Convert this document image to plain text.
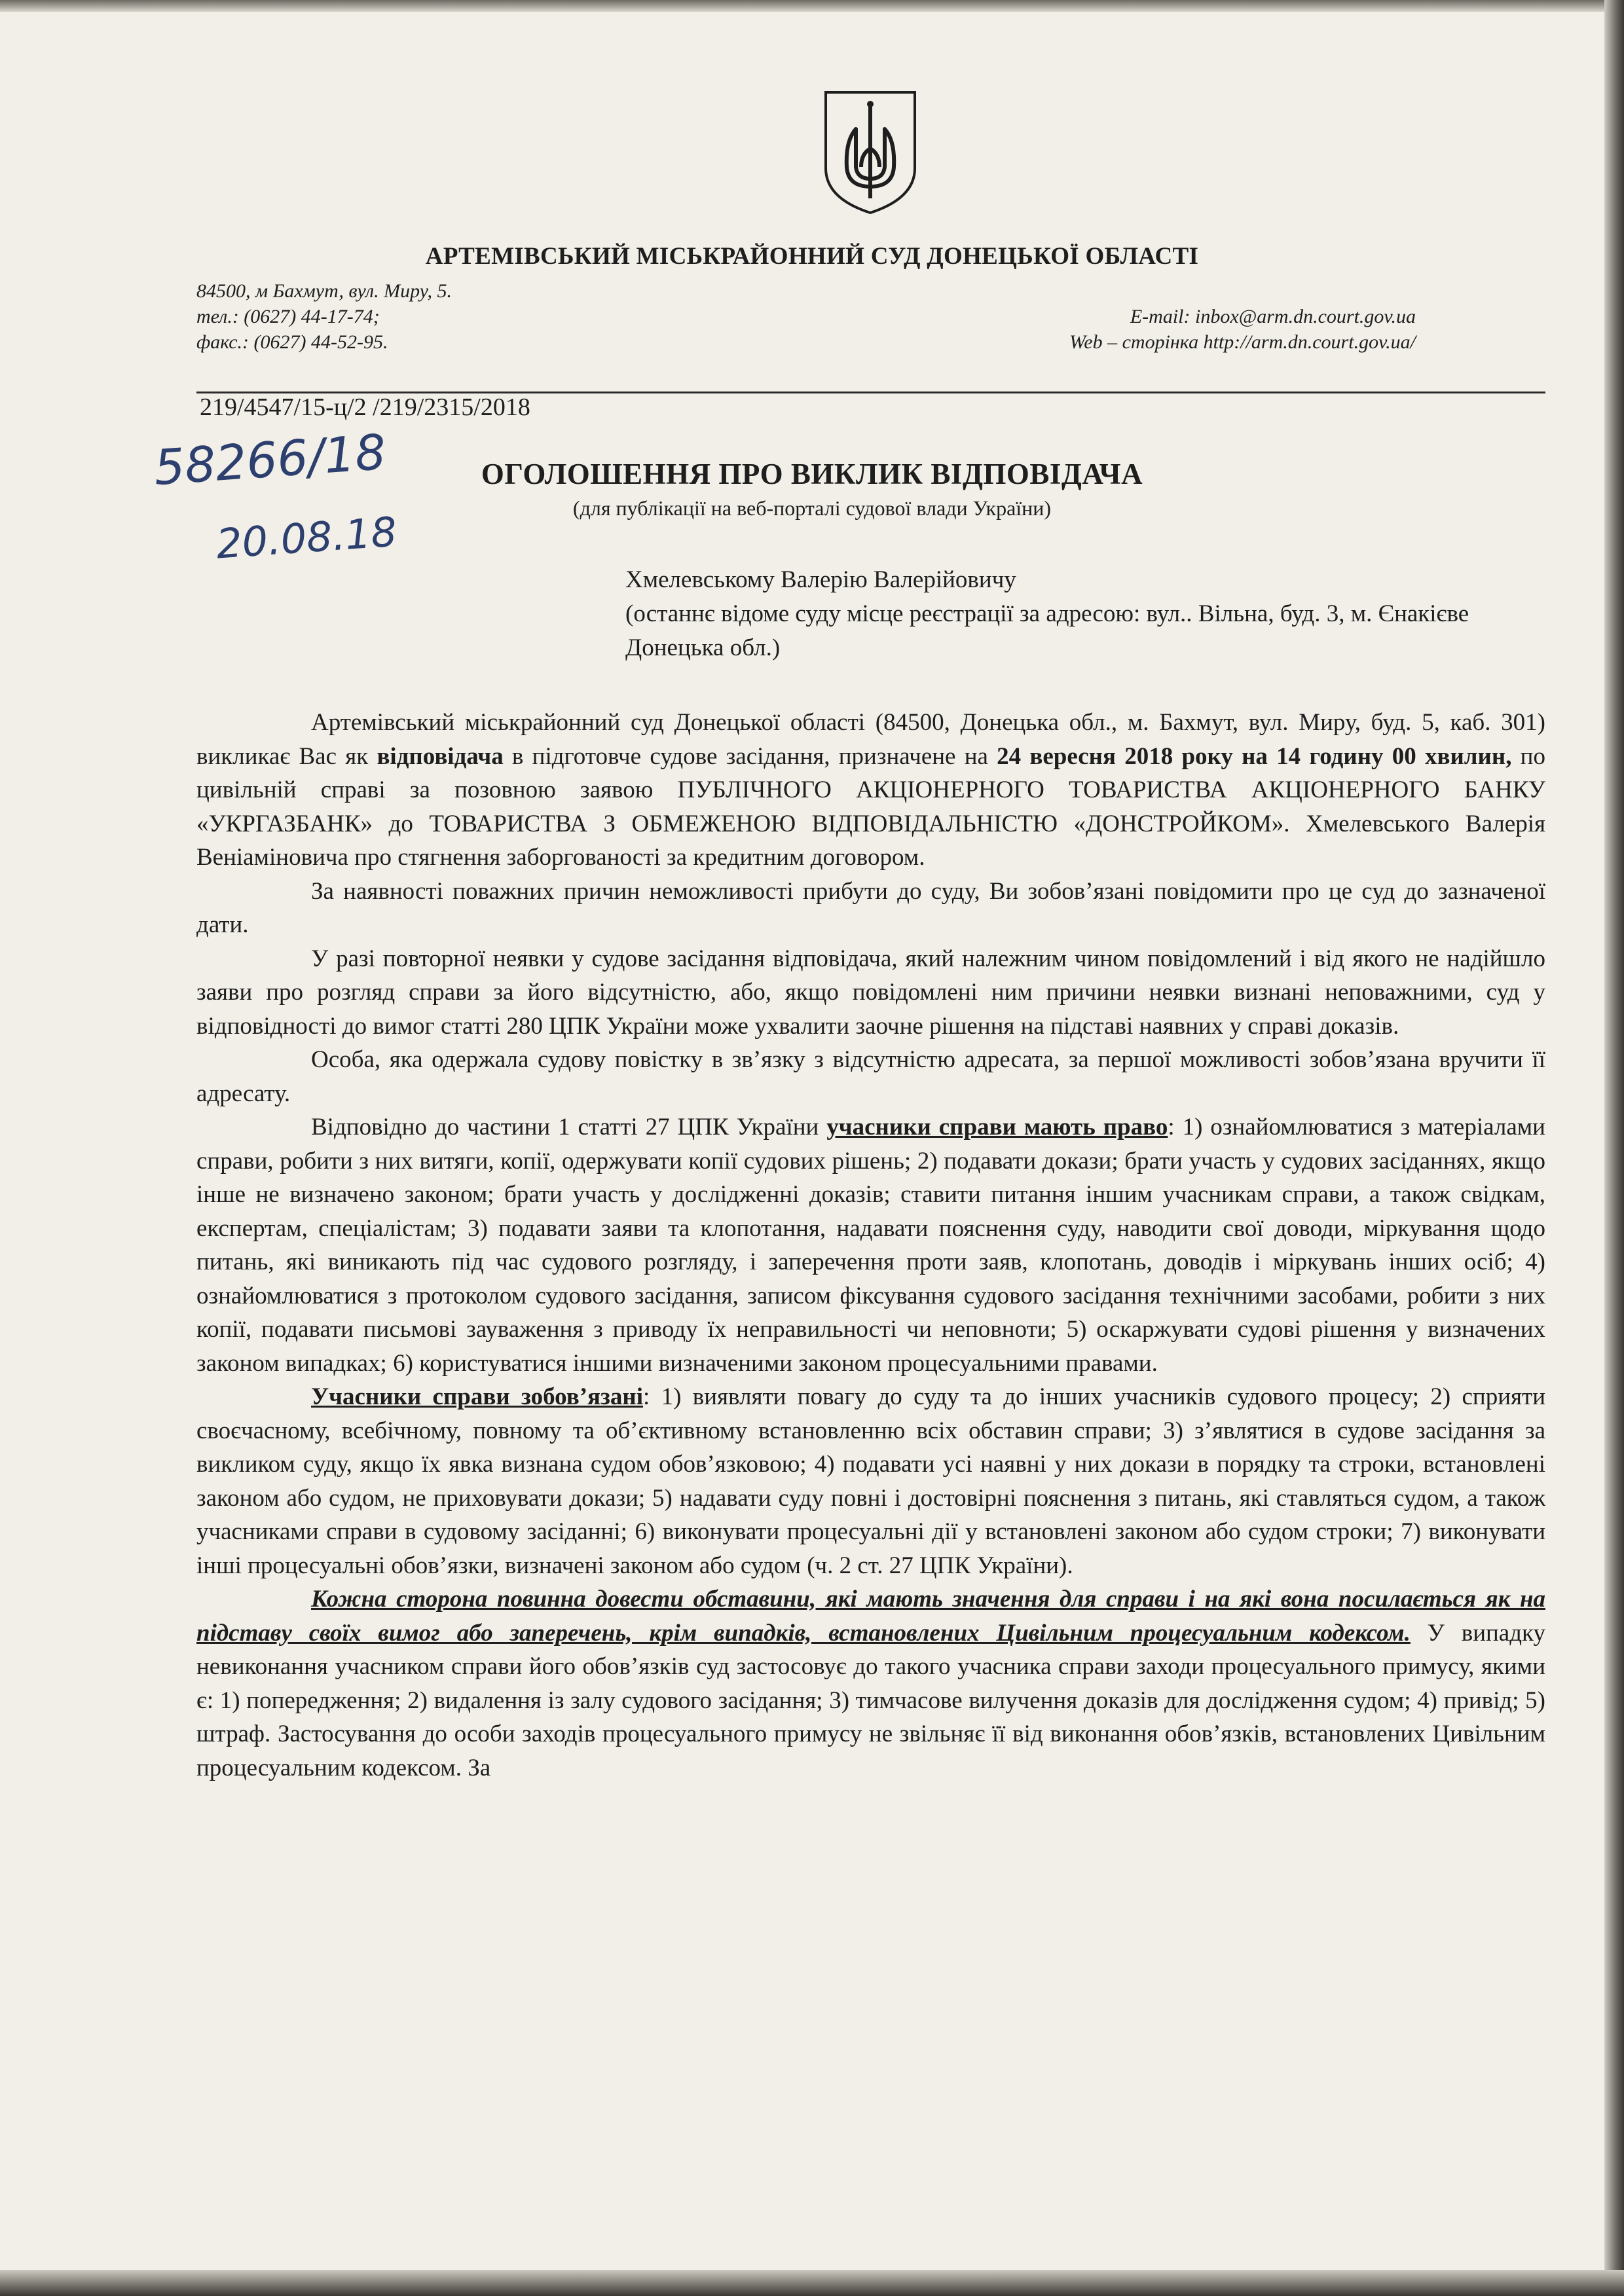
АРТЕМІВСЬКИЙ МІСЬКРАЙОННИЙ СУД ДОНЕЦЬКОЇ ОБЛАСТІ
84500, м Бахмут, вул. Миру, 5.
тел.: (0627) 44-17-74;
факс.: (0627) 44-52-95.
E-mail: inbox@arm.dn.court.gov.ua
Web – сторінка http://arm.dn.court.gov.ua/
219/4547/15-ц/2 /219/2315/2018
58266/18
20.08.18
ОГОЛОШЕННЯ ПРО ВИКЛИК ВІДПОВІДАЧА
(для публікації на веб-порталі судової влади України)

Хмелевському Валерію Валерійовичу

(останнє відоме суду місце реєстрації за адресою: вул.. Вільна, буд. 3, м. Єнакієве Донецька обл.)

Артемівський міськрайонний суд Донецької області (84500, Донецька обл., м. Бахмут, вул. Миру, буд. 5, каб. 301) викликає Вас як відповідача в підготовче судове засідання, призначене на 24 вересня 2018 року на 14 годину 00 хвилин, по цивільній справі за позовною заявою ПУБЛІЧНОГО АКЦІОНЕРНОГО ТОВАРИСТВА АКЦІОНЕРНОГО БАНКУ «УКРГАЗБАНК» до ТОВАРИСТВА З ОБМЕЖЕНОЮ ВІДПОВІДАЛЬНІСТЮ «ДОНСТРОЙКОМ». Хмелевського Валерія Веніаміновича про стягнення заборгованості за кредитним договором.

За наявності поважних причин неможливості прибути до суду, Ви зобов’язані повідомити про це суд до зазначеної дати.

У разі повторної неявки у судове засідання відповідача, який належним чином повідомлений і від якого не надійшло заяви про розгляд справи за його відсутністю, або, якщо повідомлені ним причини неявки визнані неповажними, суд у відповідності до вимог статті 280 ЦПК України може ухвалити заочне рішення на підставі наявних у справі доказів.

Особа, яка одержала судову повістку в зв’язку з відсутністю адресата, за першої можливості зобов’язана вручити її адресату.

Відповідно до частини 1 статті 27 ЦПК України учасники справи мають право: 1) ознайомлюватися з матеріалами справи, робити з них витяги, копії, одержувати копії судових рішень; 2) подавати докази; брати участь у судових засіданнях, якщо інше не визначено законом; брати участь у дослідженні доказів; ставити питання іншим учасникам справи, а також свідкам, експертам, спеціалістам; 3) подавати заяви та клопотання, надавати пояснення суду, наводити свої доводи, міркування щодо питань, які виникають під час судового розгляду, і заперечення проти заяв, клопотань, доводів і міркувань інших осіб; 4) ознайомлюватися з протоколом судового засідання, записом фіксування судового засідання технічними засобами, робити з них копії, подавати письмові зауваження з приводу їх неправильності чи неповноти; 5) оскаржувати судові рішення у визначених законом випадках; 6) користуватися іншими визначеними законом процесуальними правами.

Учасники справи зобов’язані: 1) виявляти повагу до суду та до інших учасників судового процесу; 2) сприяти своєчасному, всебічному, повному та об’єктивному встановленню всіх обставин справи; 3) з’являтися в судове засідання за викликом суду, якщо їх явка визнана судом обов’язковою; 4) подавати усі наявні у них докази в порядку та строки, встановлені законом або судом, не приховувати докази; 5) надавати суду повні і достовірні пояснення з питань, які ставляться судом, а також учасниками справи в судовому засіданні; 6) виконувати процесуальні дії у встановлені законом або судом строки; 7) виконувати інші процесуальні обов’язки, визначені законом або судом (ч. 2 ст. 27 ЦПК України).

Кожна сторона повинна довести обставини, які мають значення для справи і на які вона посилається як на підставу своїх вимог або заперечень, крім випадків, встановлених Цивільним процесуальним кодексом. У випадку невиконання учасником справи його обов’язків суд застосовує до такого учасника справи заходи процесуального примусу, якими є: 1) попередження; 2) видалення із залу судового засідання; 3) тимчасове вилучення доказів для дослідження судом; 4) привід; 5) штраф. Застосування до особи заходів процесуального примусу не звільняє її від виконання обов’язків, встановлених Цивільним процесуальним кодексом. За
